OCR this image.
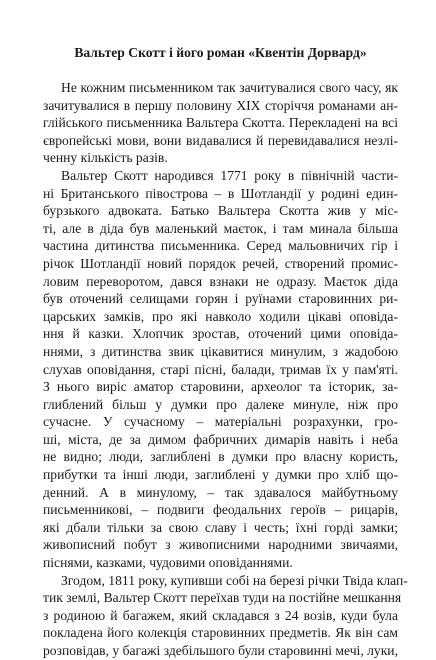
Вальтер Скотт і його роман «Квентін Дорвард»
Не кожним письменником так зачитувалися свого часу, як
зачитувалися в першу половину XIX сторіччя романами ан-
глійського письменника Вальтера Скотта. Перекладені на всі
європейські мови, вони видавалися й перевидавалися незлі-
ченну кількість разів.
Вальтер Скотт народився 1771 року в північній части-
ні Британського півострова – в Шотландії у родині един-
бурзького адвоката. Батько Вальтера Скотта жив у міс-
ті, але в діда був маленький маєток, і там минала більша
частина дитинства письменника. Серед мальовничих гір і
річок Шотландії новий порядок речей, створений промис-
ловим переворотом, дався взнаки не одразу. Маєток діда
був оточений селищами горян і руїнами старовинних ри-
царських замків, про які навколо ходили цікаві оповіда-
ння й казки. Хлопчик зростав, оточений цими оповіда-
ннями, з дитинства звик цікавитися минулим, з жадобою
слухав оповідання, старі пісні, балади, тримав їх у пам'яті.
З нього виріс аматор старовини, археолог та історик, за-
глиблений більш у думки про далеке минуле, ніж про
сучасне. У сучасному – матеріальні розрахунки, гро-
ші, міста, де за димом фабричних димарів навіть і неба
не видно; люди, заглиблені в думки про власну користь,
прибутки та інші люди, заглиблені у думки про хліб що-
денний. А в минулому, – так здавалося майбутньому
письменникові, – подвиги феодальних героїв – рицарів,
які дбали тільки за свою славу і честь; їхні горді замки;
живописний побут з живописними народними звичаями,
піснями, казками, чудовими оповіданнями.
Згодом, 1811 року, купивши собі на березі річки Твіда клап-
тик землі, Вальтер Скотт переїхав туди на постійне мешкання
з родиною й багажем, який складався з 24 возів, куди була
покладена його колекція старовинних предметів. Як він сам
розповідав, у багажі здебільшого були старовинні мечі, луки,
